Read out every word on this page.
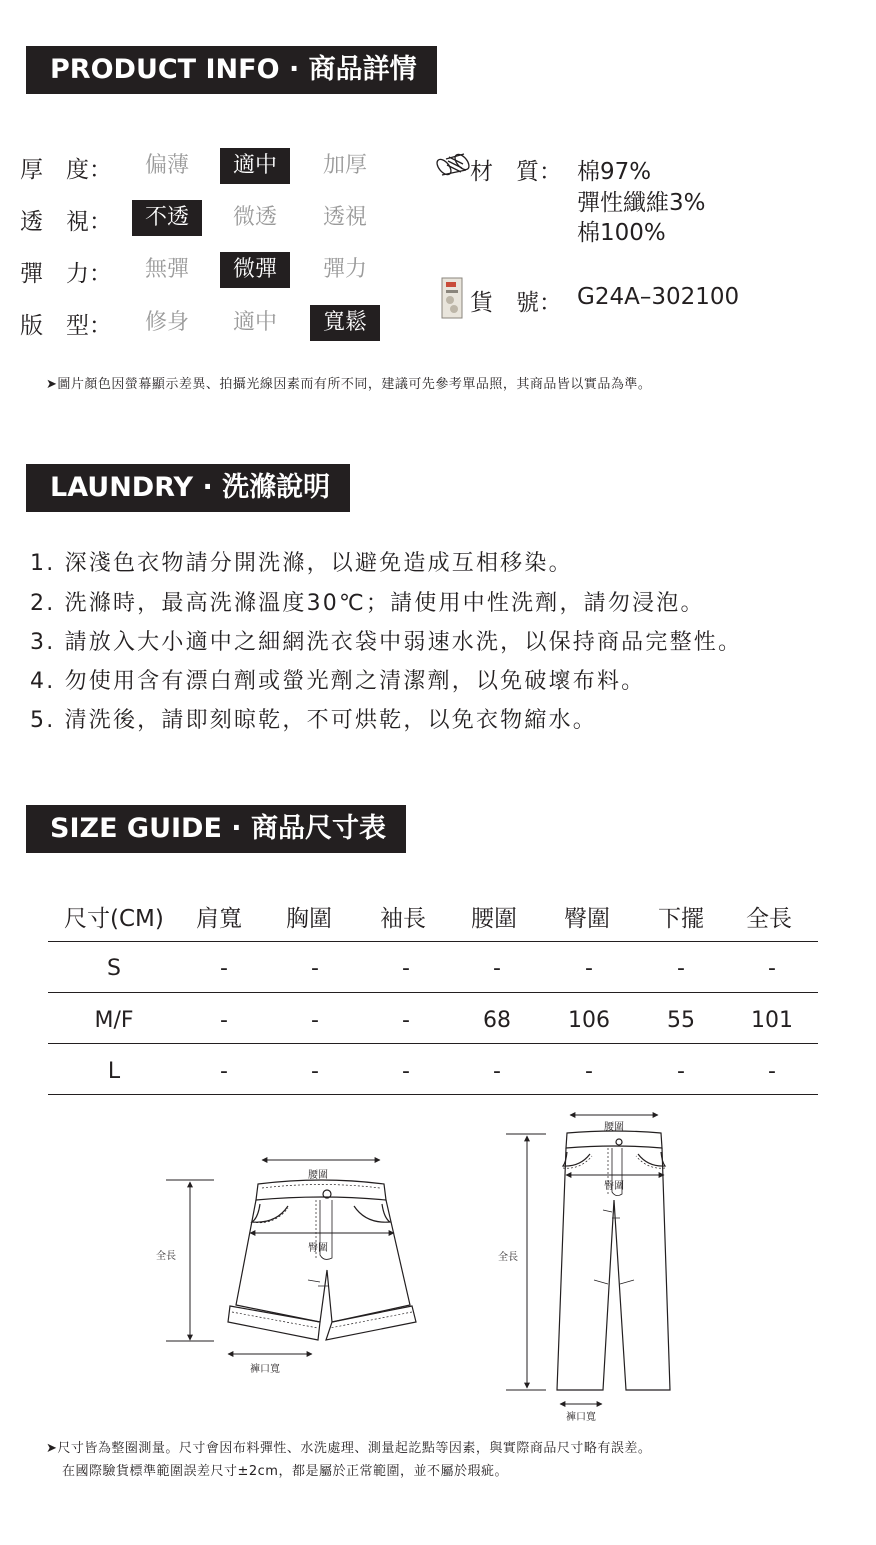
PRODUCT INFO · 商品詳情
厚　度：	偏薄	適中	加厚
透　視：	不透	微透	透視
彈　力：	無彈	微彈	彈力
版　型：	修身	適中	寬鬆
材　質： 棉97%
彈性纖維3%
棉100%
貨　號： G24A–302100
➤圖片顏色因螢幕顯示差異、拍攝光線因素而有所不同，建議可先參考單品照，其商品皆以實品為準。
LAUNDRY · 洗滌說明
1. 深淺色衣物請分開洗滌，以避免造成互相移染。
2. 洗滌時，最高洗滌溫度30℃；請使用中性洗劑，請勿浸泡。
3. 請放入大小適中之細網洗衣袋中弱速水洗，以保持商品完整性。
4. 勿使用含有漂白劑或螢光劑之清潔劑，以免破壞布料。
5. 清洗後，請即刻晾乾，不可烘乾，以免衣物縮水。
SIZE GUIDE · 商品尺寸表
尺寸(CM) 肩寬 胸圍 袖長 腰圍 臀圍 下擺 全長
S	-	-	-	-	-	-	-
M/F	-	-	-	68	106	55	101
L	-	-	-	-	-	-	-
腰圍
臀圍
全長
褲口寬
腰圍
臀圍
全長
褲口寬
➤尺寸皆為整圈測量。尺寸會因布料彈性、水洗處理、測量起訖點等因素，與實際商品尺寸略有誤差。
在國際驗貨標準範圍誤差尺寸±2cm，都是屬於正常範圍，並不屬於瑕疵。
